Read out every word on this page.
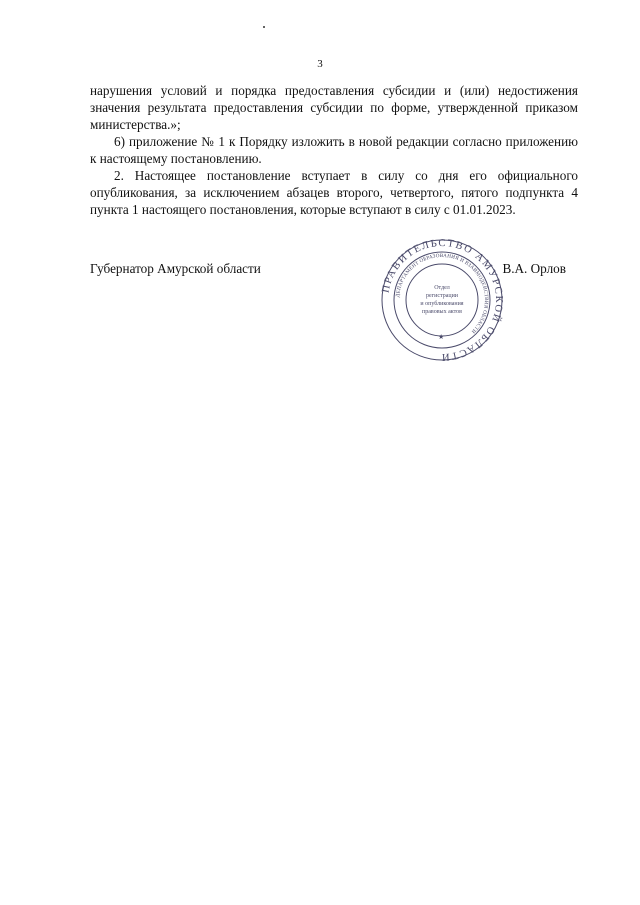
3

нарушения условий и порядка предоставления субсидии и (или) недостижения значения результата предоставления субсидии по форме, утвержденной приказом министерства.»;

6) приложение № 1 к Порядку изложить в новой редакции согласно приложению к настоящему постановлению.

2. Настоящее постановление вступает в силу со дня его официального опубликования, за исключением абзацев второго, четвертого, пятого подпункта 4 пункта 1 настоящего постановления, которые вступают в силу с 01.01.2023.

Губернатор Амурской области	В.А. Орлов
ПРАВИТЕЛЬСТВО АМУРСКОЙ ОБЛАСТИ
ДЕПАРТАМЕНТ ОБРАЗОВАНИЯ И ВЗАИМОДЕЙСТВИЯ ОБЛАСТИ
Отдел
регистрации
и опубликования
правовых актов
★
